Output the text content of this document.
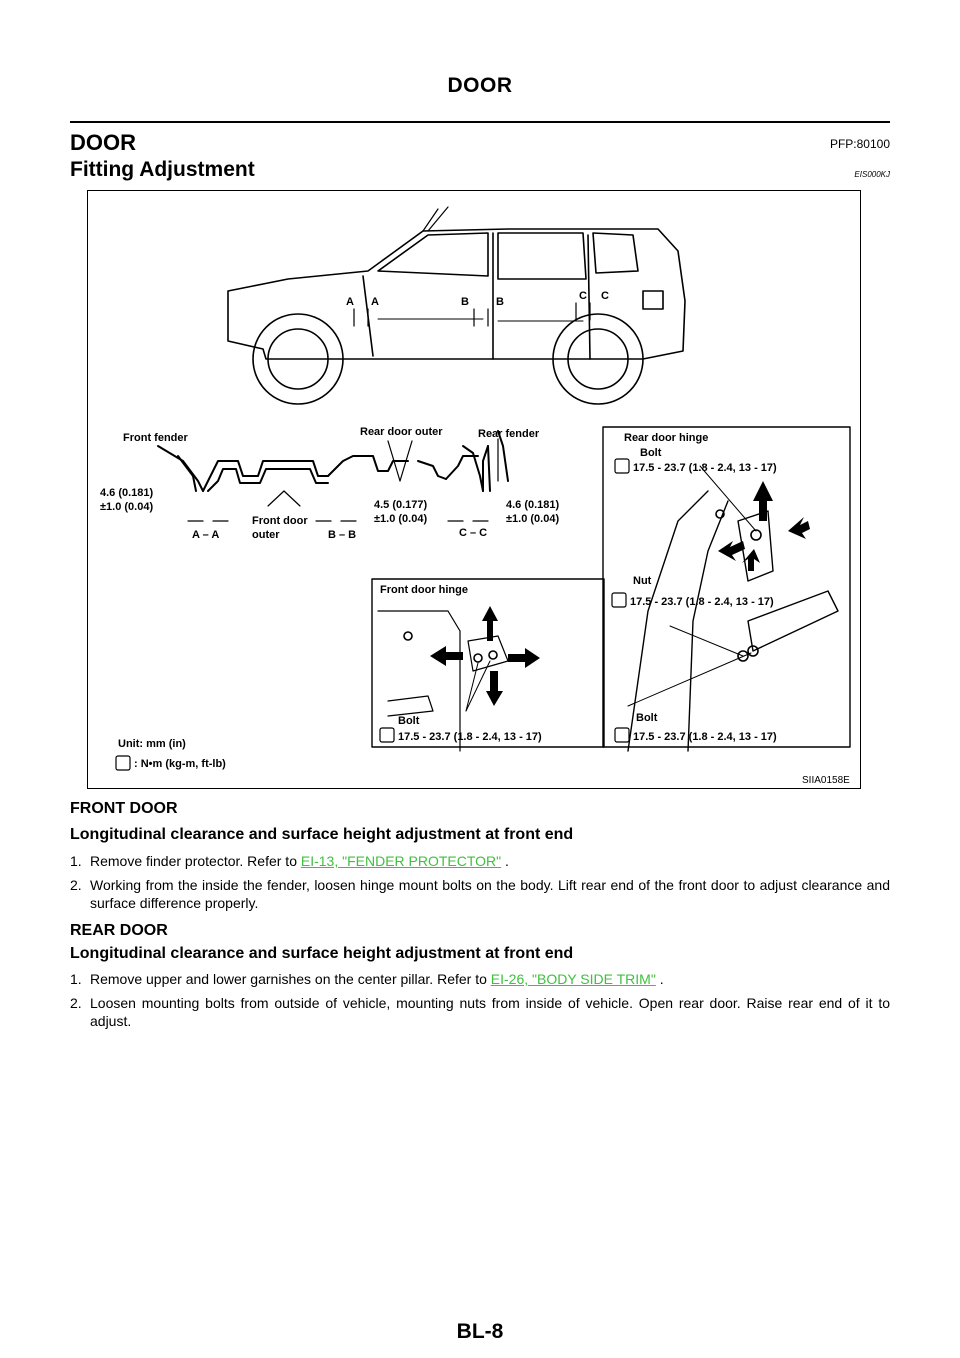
DOOR
DOOR	PFP:80100
Fitting Adjustment	EIS000KJ
A A	B B	C C
Front fender	Rear door outer	Rear fender
4.6 (0.181)
±1.0 (0.04)
A – A
Front door
outer	B – B
4.5 (0.177)
±1.0 (0.04)
C – C
4.6 (0.181)
±1.0 (0.04)
Rear door hinge
Bolt
17.5 - 23.7 (1.8 - 2.4, 13 - 17)
Nut
17.5 - 23.7 (1.8 - 2.4, 13 - 17)
Bolt
17.5 - 23.7 (1.8 - 2.4, 13 - 17)
Front door hinge
Bolt
17.5 - 23.7 (1.8 - 2.4, 13 - 17)
Unit: mm (in)
: N•m (kg-m, ft-lb)
SIIA0158E

FRONT DOOR

Longitudinal clearance and surface height adjustment at front end

1. Remove finder protector. Refer to EI-13, "FENDER PROTECTOR" .
2. Working from the inside the fender, loosen hinge mount bolts on the body. Lift rear end of the front door to adjust clearance and surface difference properly.

REAR DOOR

Longitudinal clearance and surface height adjustment at front end

1. Remove upper and lower garnishes on the center pillar. Refer to EI-26, "BODY SIDE TRIM" .
2. Loosen mounting bolts from outside of vehicle, mounting nuts from inside of vehicle. Open rear door. Raise rear end of it to adjust.
BL-8
